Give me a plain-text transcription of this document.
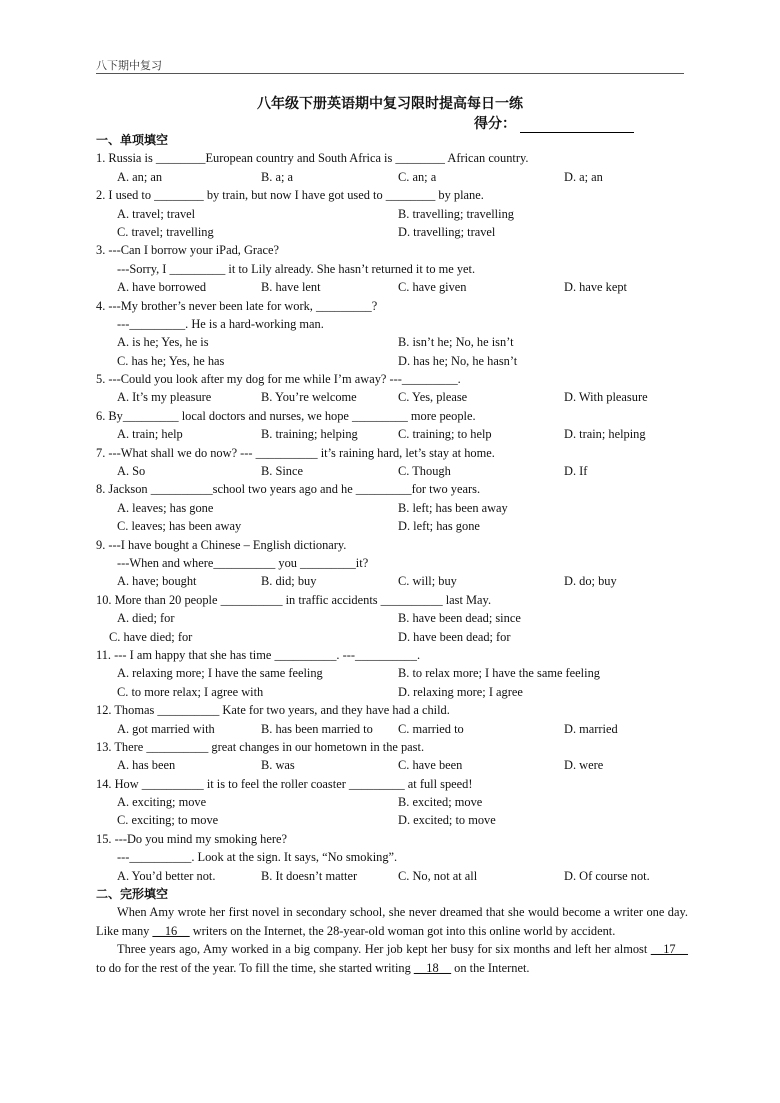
八下期中复习
八年级下册英语期中复习限时提高每日一练
得分：
一、单项填空
1. Russia is ________European country and South Africa is ________ African country.
A. an; an	B. a; a	C. an; a	D. a; an
2. I used to ________ by train, but now I have got used to ________ by plane.
A. travel; travel	B. travelling; travelling
C. travel; travelling	D. travelling; travel
3. ---Can I borrow your iPad, Grace?
---Sorry, I _________ it to Lily already. She hasn’t returned it to me yet.
A. have borrowed	B. have lent	C. have given	D. have kept
4. ---My brother’s never been late for work, _________?
---_________. He is a hard-working man.
A. is he; Yes, he is	B. isn’t he; No, he isn’t
C. has he; Yes, he has	D. has he; No, he hasn’t
5. ---Could you look after my dog for me while I’m away? ---_________.
A. It’s my pleasure	B. You’re welcome	C. Yes, please	D. With pleasure
6. By_________ local doctors and nurses, we hope _________ more people.
A. train; help	B. training; helping	C. training; to help	D. train; helping
7. ---What shall we do now? --- __________ it’s raining hard, let’s stay at home.
A. So	B. Since	C. Though	D. If
8. Jackson __________school two years ago and he _________for two years.
A. leaves; has gone	B. left; has been away
C. leaves; has been away	D. left; has gone
9. ---I have bought a Chinese – English dictionary.
---When and where__________ you _________it?
A. have; bought	B. did; buy	C. will; buy	D. do; buy
10. More than 20 people __________ in traffic accidents __________ last May.
A. died; for	B. have been dead; since
C. have died; for	D. have been dead; for
11. --- I am happy that she has time __________. ---__________.
A. relaxing more; I have the same feeling	B. to relax more; I have the same feeling
C. to more relax; I agree with	D. relaxing more; I agree
12. Thomas __________ Kate for two years, and they have had a child.
A. got married with	B. has been married to C. married to	D. married
13. There __________ great changes in our hometown in the past.
A. has been	B. was	C. have been	D. were
14. How __________ it is to feel the roller coaster _________ at full speed!
A. exciting; move	B. excited; move
C. exciting; to move	D. excited; to move
15. ---Do you mind my smoking here?
---__________. Look at the sign. It says, “No smoking”.
A. You’d better not.	B. It doesn’t matter	C. No, not at all	D. Of course not.
二、完形填空

When Amy wrote her first novel in secondary school, she never dreamed that she would become a writer one day. Like many __16__ writers on the Internet, the 28-year-old woman got into this online world by accident.

Three years ago, Amy worked in a big company. Her job kept her busy for six months and left her almost __17__ to do for the rest of the year. To fill the time, she started writing __18__ on the Internet.
